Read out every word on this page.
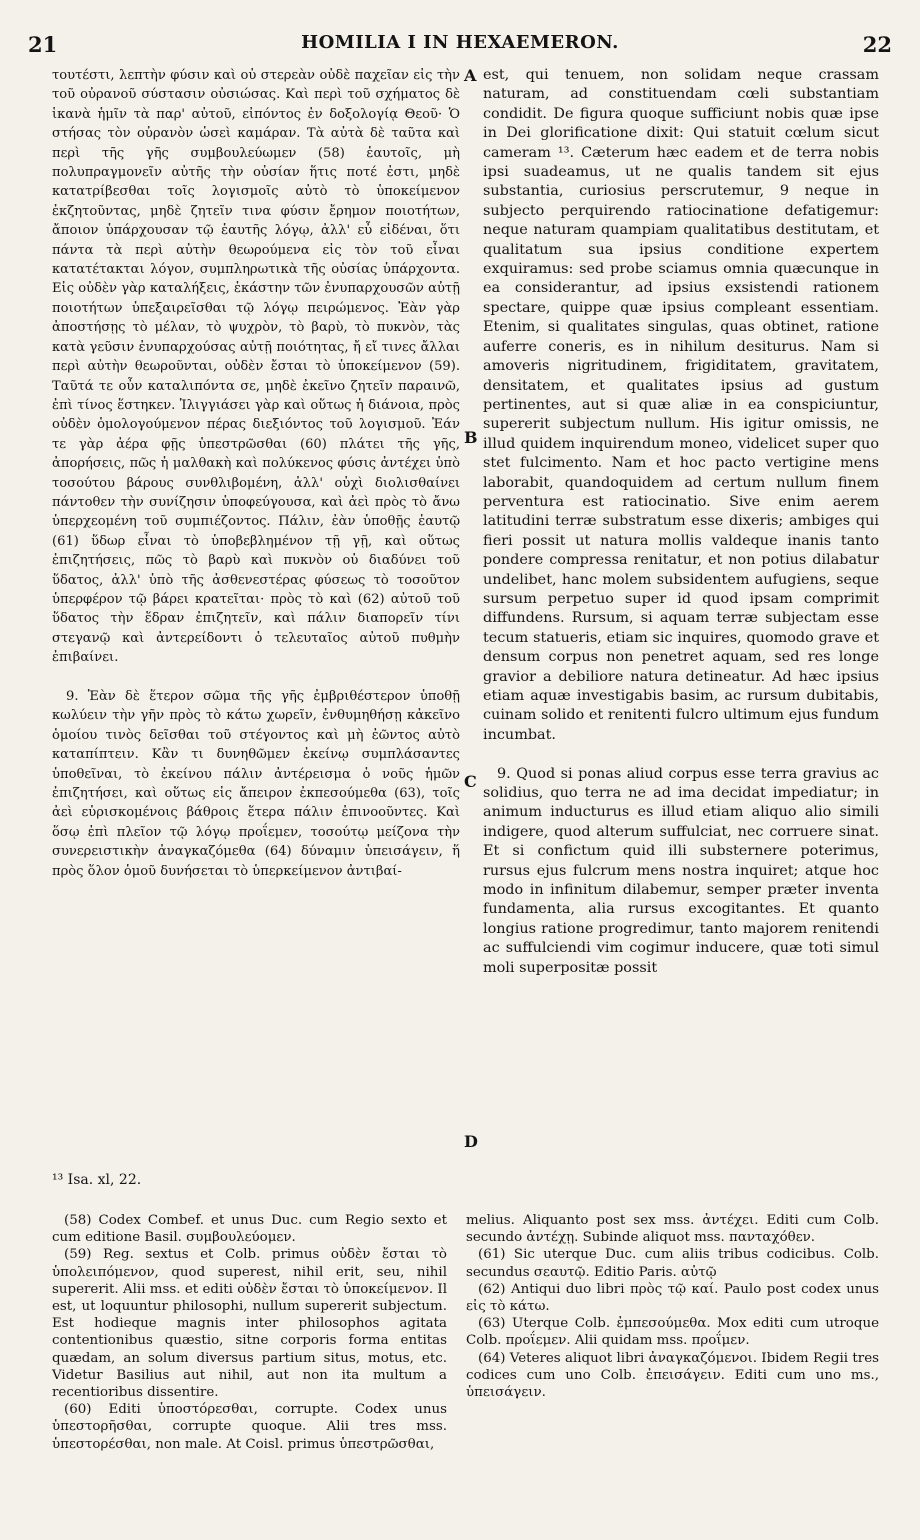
21	HOMILIA I IN HEXAEMERON.	22

τουτέστι, λεπτὴν φύσιν καὶ οὐ στερεὰν οὐδὲ παχεῖαν εἰς τὴν τοῦ οὐρανοῦ σύστασιν οὐσιώσας. Καὶ περὶ τοῦ σχήματος δὲ ἱκανὰ ἡμῖν τὰ παρ' αὐτοῦ, εἰπόντος ἐν δοξολογίᾳ Θεοῦ· Ὁ στήσας τὸν οὐρανὸν ὡσεὶ καμάραν. Τὰ αὐτὰ δὲ ταῦτα καὶ περὶ τῆς γῆς συμβουλεύωμεν (58) ἑαυτοῖς, μὴ πολυπραγμονεῖν αὐτῆς τὴν οὐσίαν ἥτις ποτέ ἐστι, μηδὲ κατατρίβεσθαι τοῖς λογισμοῖς αὐτὸ τὸ ὑποκείμενον ἐκζητοῦντας, μηδὲ ζητεῖν τινα φύσιν ἔρημον ποιοτήτων, ἄποιον ὑπάρχουσαν τῷ ἑαυτῆς λόγῳ, ἀλλ' εὖ εἰδέναι, ὅτι πάντα τὰ περὶ αὐτὴν θεωρούμενα εἰς τὸν τοῦ εἶναι κατατέτακται λόγον, συμπληρωτικὰ τῆς οὐσίας ὑπάρχοντα. Εἰς οὐδὲν γὰρ καταλήξεις, ἑκάστην τῶν ἐνυπαρχουσῶν αὐτῇ ποιοτήτων ὑπεξαιρεῖσθαι τῷ λόγῳ πειρώμενος. Ἐὰν γὰρ ἀποστήσῃς τὸ μέλαν, τὸ ψυχρὸν, τὸ βαρὺ, τὸ πυκνὸν, τὰς κατὰ γεῦσιν ἐνυπαρχούσας αὐτῇ ποιότητας, ἤ εἴ τινες ἄλλαι περὶ αὐτὴν θεωροῦνται, οὐδὲν ἔσται τὸ ὑποκείμενον (59). Ταῦτά τε οὖν καταλιπόντα σε, μηδὲ ἐκεῖνο ζητεῖν παραινῶ, ἐπὶ τίνος ἕστηκεν. Ἰλιγγιάσει γὰρ καὶ οὕτως ἡ διάνοια, πρὸς οὐδὲν ὁμολογούμενον πέρας διεξιόντος τοῦ λογισμοῦ. Ἐάν τε γὰρ ἀέρα φῇς ὑπεστρῶσθαι (60) πλάτει τῆς γῆς, ἀπορήσεις, πῶς ἡ μαλθακὴ καὶ πολύκενος φύσις ἀντέχει ὑπὸ τοσούτου βάρους συνθλιβομένη, ἀλλ' οὐχὶ διολισθαίνει πάντοθεν τὴν συνίζησιν ὑποφεύγουσα, καὶ ἀεὶ πρὸς τὸ ἄνω ὑπερχεομένη τοῦ συμπιέζοντος. Πάλιν, ἐὰν ὑποθῇς ἑαυτῷ (61) ὕδωρ εἶναι τὸ ὑποβεβλημένον τῇ γῇ, καὶ οὕτως ἐπιζητήσεις, πῶς τὸ βαρὺ καὶ πυκνὸν οὐ διαδύνει τοῦ ὕδατος, ἀλλ' ὑπὸ τῆς ἀσθενεστέρας φύσεως τὸ τοσοῦτον ὑπερφέρον τῷ βάρει κρατεῖται· πρὸς τὸ καὶ (62) αὐτοῦ τοῦ ὕδατος τὴν ἕδραν ἐπιζητεῖν, καὶ πάλιν διαπορεῖν τίνι στεγανῷ καὶ ἀντερείδοντι ὁ τελευταῖος αὐτοῦ πυθμὴν ἐπιβαίνει.

9. Ἐὰν δὲ ἕτερον σῶμα τῆς γῆς ἐμβριθέστερον ὑποθῇ κωλύειν τὴν γῆν πρὸς τὸ κάτω χωρεῖν, ἐνθυμηθήσῃ κἀκεῖνο ὁμοίου τινὸς δεῖσθαι τοῦ στέγοντος καὶ μὴ ἐῶντος αὐτὸ καταπίπτειν. Κἂν τι δυνηθῶμεν ἐκείνῳ συμπλάσαντες ὑποθεῖναι, τὸ ἐκείνου πάλιν ἀντέρεισμα ὁ νοῦς ἡμῶν ἐπιζητήσει, καὶ οὕτως εἰς ἄπειρον ἐκπεσούμεθα (63), τοῖς ἀεὶ εὑρισκομένοις βάθροις ἕτερα πάλιν ἐπινοοῦντες. Καὶ ὅσῳ ἐπὶ πλεῖον τῷ λόγῳ προΐεμεν, τοσούτῳ μείζονα τὴν συνερειστικὴν ἀναγκαζόμεθα (64) δύναμιν ὑπεισάγειν, ἥ πρὸς ὅλον ὁμοῦ δυνήσεται τὸ ὑπερκείμενον ἀντιβαί-

est, qui tenuem, non solidam neque crassam naturam, ad constituendam cœli substantiam condidit. De figura quoque sufficiunt nobis quæ ipse in Dei glorificatione dixit: Qui statuit cœlum sicut cameram ¹³. Cæterum hæc eadem et de terra nobis ipsi suadeamus, ut ne qualis tandem sit ejus substantia, curiosius perscrutemur, 9 neque in subjecto perquirendo ratiocinatione defatigemur: neque naturam quampiam qualitatibus destitutam, et qualitatum sua ipsius conditione expertem exquiramus: sed probe sciamus omnia quæcunque in ea considerantur, ad ipsius exsistendi rationem spectare, quippe quæ ipsius compleant essentiam. Etenim, si qualitates singulas, quas obtinet, ratione auferre coneris, es in nihilum desiturus. Nam si amoveris nigritudinem, frigiditatem, gravitatem, densitatem, et qualitates ipsius ad gustum pertinentes, aut si quæ aliæ in ea conspiciuntur, supererit subjectum nullum. His igitur omissis, ne illud quidem inquirendum moneo, videlicet super quo stet fulcimento. Nam et hoc pacto vertigine mens laborabit, quandoquidem ad certum nullum finem perventura est ratiocinatio. Sive enim aerem latitudini terræ substratum esse dixeris; ambiges qui fieri possit ut natura mollis valdeque inanis tanto pondere compressa renitatur, et non potius dilabatur undelibet, hanc molem subsidentem aufugiens, seque sursum perpetuo super id quod ipsam comprimit diffundens. Rursum, si aquam terræ subjectam esse tecum statueris, etiam sic inquires, quomodo grave et densum corpus non penetret aquam, sed res longe gravior a debiliore natura detineatur. Ad hæc ipsius etiam aquæ investigabis basim, ac rursum dubitabis, cuinam solido et renitenti fulcro ultimum ejus fundum incumbat.

9. Quod si ponas aliud corpus esse terra gravius ac solidius, quo terra ne ad ima decidat impediatur; in animum inducturus es illud etiam aliquo alio simili indigere, quod alterum suffulciat, nec corruere sinat. Et si confictum quid illi substernere poterimus, rursus ejus fulcrum mens nostra inquiret; atque hoc modo in infinitum dilabemur, semper præter inventa fundamenta, alia rursus excogitantes. Et quanto longius ratione progredimur, tanto majorem renitendi ac suffulciendi vim cogimur inducere, quæ toti simul moli superpositæ possit

A
B
C
D
¹³ Isa. xl, 22.

(58) Codex Combef. et unus Duc. cum Regio sexto et cum editione Basil. συμβουλεύομεν.

(59) Reg. sextus et Colb. primus οὐδὲν ἔσται τὸ ὑπολειπόμενον, quod superest, nihil erit, seu, nihil supererit. Alii mss. et editi οὐδὲν ἔσται τὸ ὑποκείμενον. Il est, ut loquuntur philosophi, nullum supererit subjectum. Est hodieque magnis inter philosophos agitata contentionibus quæstio, sitne corporis forma entitas quædam, an solum diversus partium situs, motus, etc. Videtur Basilius aut nihil, aut non ita multum a recentioribus dissentire.

(60) Editi ὑποστόρεσθαι, corrupte. Codex unus ὑπεστορῆσθαι, corrupte quoque. Alii tres mss. ὑπεστορέσθαι, non male. At Coisl. primus ὑπεστρῶσθαι,

melius. Aliquanto post sex mss. ἀντέχει. Editi cum Colb. secundo ἀντέχῃ. Subinde aliquot mss. πανταχόθεν.

(61) Sic uterque Duc. cum aliis tribus codicibus. Colb. secundus σεαυτῷ. Editio Paris. αὐτῷ

(62) Antiqui duo libri πρὸς τῷ καί. Paulo post codex unus εἰς τὸ κάτω.

(63) Uterque Colb. ἐμπεσούμεθα. Mox editi cum utroque Colb. προΐεμεν. Alii quidam mss. προΐμεν.

(64) Veteres aliquot libri ἀναγκαζόμενοι. Ibidem Regii tres codices cum uno Colb. ἐπεισάγειν. Editi cum uno ms., ὑπεισάγειν.
